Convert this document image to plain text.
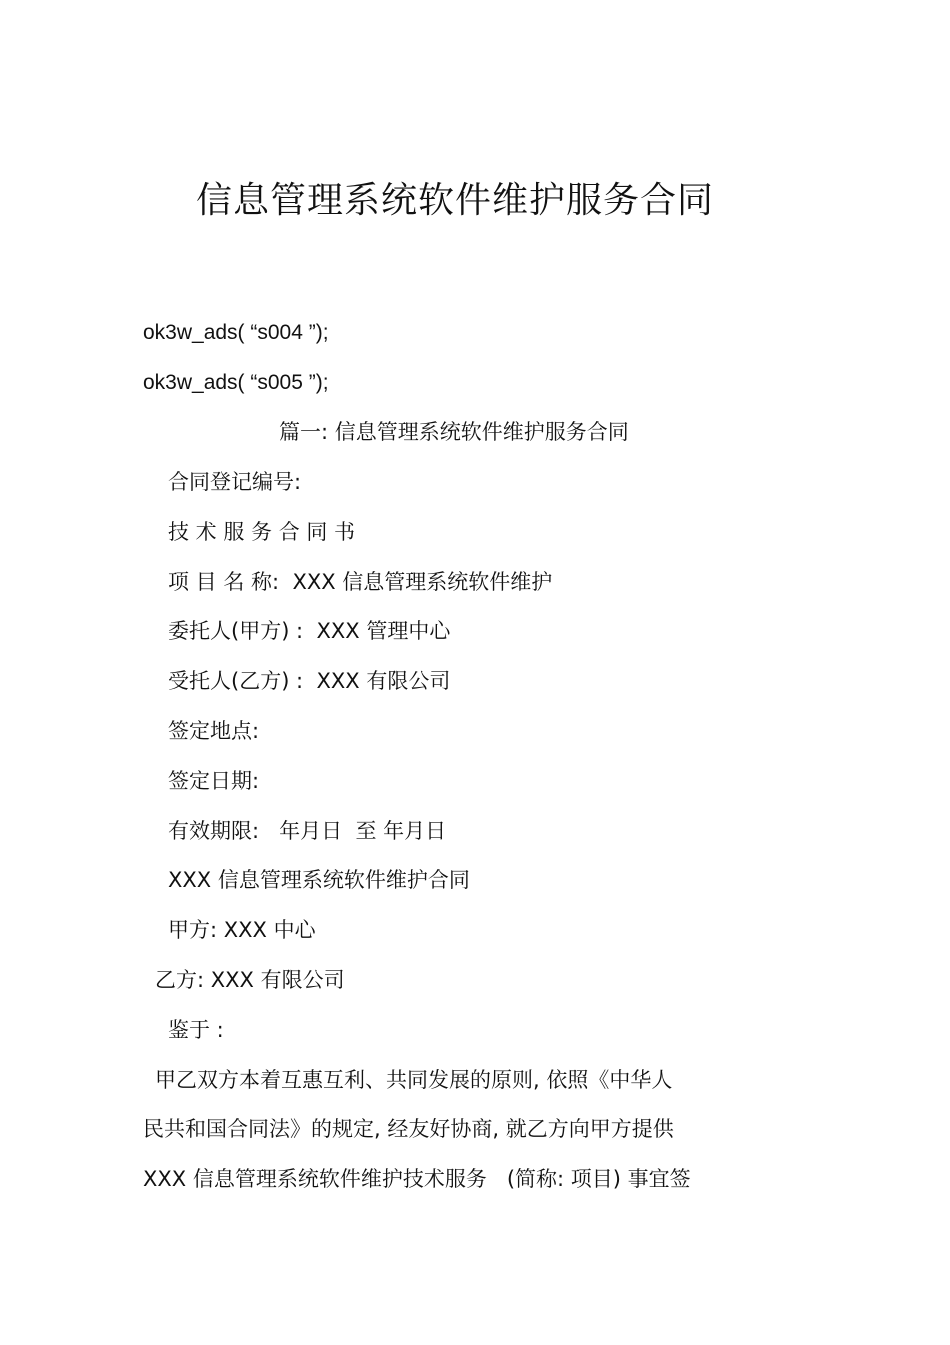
信息管理系统软件维护服务合同
ok3w_ads( “s004 ”);
ok3w_ads( “s005 ”);
篇一: 信息管理系统软件维护服务合同
合同登记编号:
技 术 服 务 合 同 书
项 目 名 称:  XXX 信息管理系统软件维护
委托人(甲方) :  XXX 管理中心
受托人(乙方) :  XXX 有限公司
签定地点:
签定日期:
有效期限:   年月日  至 年月日
XXX 信息管理系统软件维护合同
甲方: XXX 中心
乙方: XXX 有限公司
鉴于 :
甲乙双方本着互惠互利、共同发展的原则, 依照《中华人
民共和国合同法》的规定, 经友好协商, 就乙方向甲方提供
XXX 信息管理系统软件维护技术服务   (简称: 项目) 事宜签
